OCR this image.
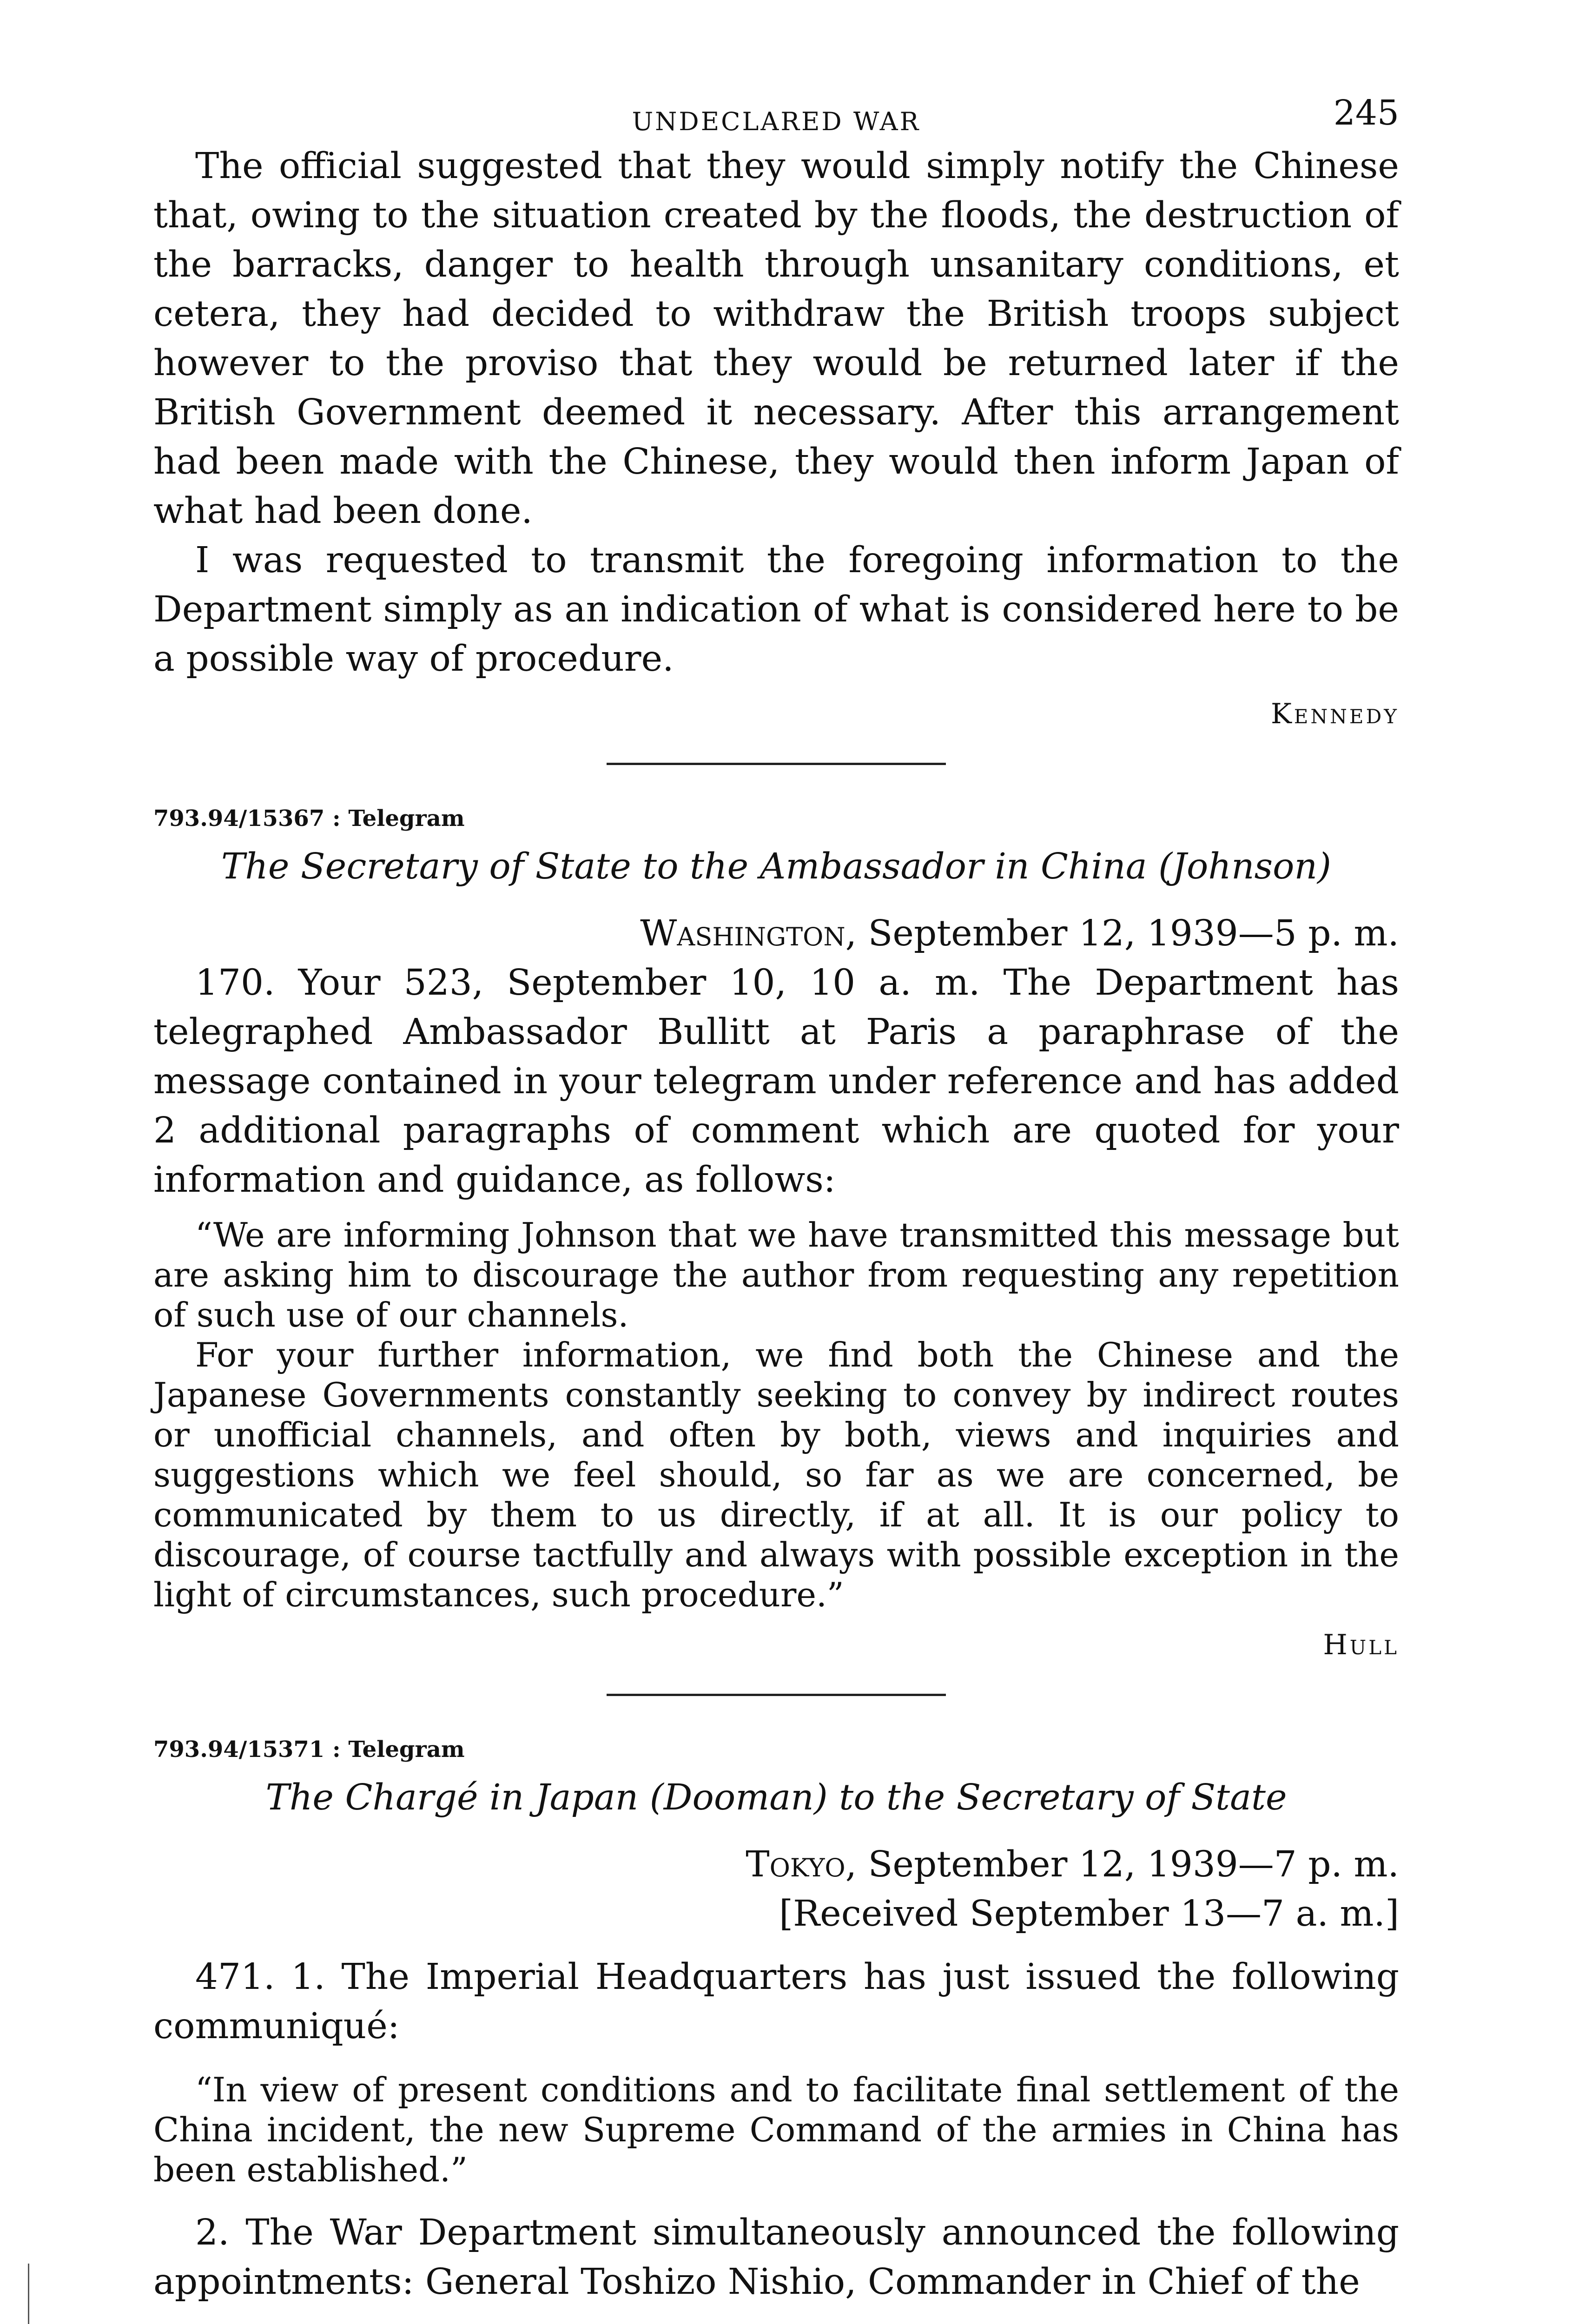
UNDECLARED WAR	245

The official suggested that they would simply notify the Chinese that, owing to the situation created by the floods, the destruction of the barracks, danger to health through unsanitary conditions, et cetera, they had decided to withdraw the British troops subject however to the proviso that they would be returned later if the British Government deemed it necessary. After this arrangement had been made with the Chinese, they would then inform Japan of what had been done.

I was requested to transmit the foregoing information to the Department simply as an indication of what is considered here to be a possible way of procedure.

Kennedy
793.94/15367 : Telegram
The Secretary of State to the Ambassador in China (Johnson)
Washington, September 12, 1939—5 p. m.

170. Your 523, September 10, 10 a. m. The Department has telegraphed Ambassador Bullitt at Paris a paraphrase of the message contained in your telegram under reference and has added 2 additional paragraphs of comment which are quoted for your information and guidance, as follows:

“We are informing Johnson that we have transmitted this message but are asking him to discourage the author from requesting any repetition of such use of our channels.

For your further information, we find both the Chinese and the Japanese Governments constantly seeking to convey by indirect routes or unofficial channels, and often by both, views and inquiries and suggestions which we feel should, so far as we are concerned, be communicated by them to us directly, if at all. It is our policy to discourage, of course tactfully and always with possible exception in the light of circumstances, such procedure.”

Hull
793.94/15371 : Telegram
The Chargé in Japan (Dooman) to the Secretary of State
Tokyo, September 12, 1939—7 p. m.
[Received September 13—7 a. m.]

471. 1. The Imperial Headquarters has just issued the following communiqué:

“In view of present conditions and to facilitate final settlement of the China incident, the new Supreme Command of the armies in China has been established.”

2. The War Department simultaneously announced the following appointments: General Toshizo Nishio, Commander in Chief of the
